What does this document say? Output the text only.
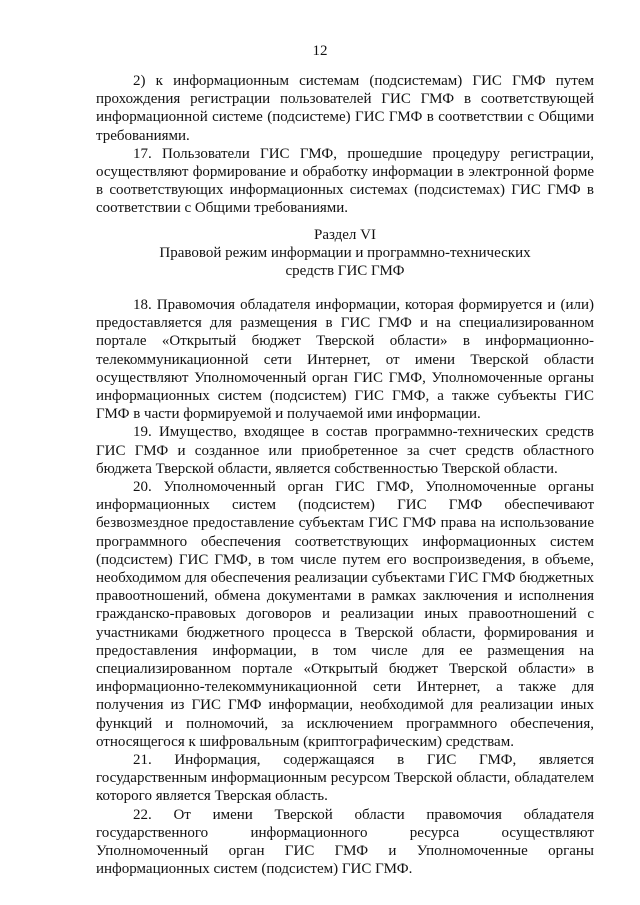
12

2) к информационным системам (подсистемам) ГИС ГМФ путем прохождения регистрации пользователей ГИС ГМФ в соответствующей информационной системе (подсистеме) ГИС ГМФ в соответствии с Общими требованиями.

17. Пользователи ГИС ГМФ, прошедшие процедуру регистрации, осуществляют формирование и обработку информации в электронной форме в соответствующих информационных системах (подсистемах) ГИС ГМФ в соответствии с Общими требованиями.

Раздел VI
Правовой режим информации и программно-технических
средств ГИС ГМФ

18. Правомочия обладателя информации, которая формируется и (или) предоставляется для размещения в ГИС ГМФ и на специализированном портале «Открытый бюджет Тверской области» в информационно-телекоммуникационной сети Интернет, от имени Тверской области осуществляют Уполномоченный орган ГИС ГМФ, Уполномоченные органы информационных систем (подсистем) ГИС ГМФ, а также субъекты ГИС ГМФ в части формируемой и получаемой ими информации.

19. Имущество, входящее в состав программно-технических средств ГИС ГМФ и созданное или приобретенное за счет средств областного бюджета Тверской области, является собственностью Тверской области.

20. Уполномоченный орган ГИС ГМФ, Уполномоченные органы информационных систем (подсистем) ГИС ГМФ обеспечивают безвозмездное предоставление субъектам ГИС ГМФ права на использование программного обеспечения соответствующих информационных систем (подсистем) ГИС ГМФ, в том числе путем его воспроизведения, в объеме, необходимом для обеспечения реализации субъектами ГИС ГМФ бюджетных правоотношений, обмена документами в рамках заключения и исполнения гражданско-правовых договоров и реализации иных правоотношений с участниками бюджетного процесса в Тверской области, формирования и предоставления информации, в том числе для ее размещения на специализированном портале «Открытый бюджет Тверской области» в информационно-телекоммуникационной сети Интернет, а также для получения из ГИС ГМФ информации, необходимой для реализации иных функций и полномочий, за исключением программного обеспечения, относящегося к шифровальным (криптографическим) средствам.

21. Информация, содержащаяся в ГИС ГМФ, является государственным информационным ресурсом Тверской области, обладателем которого является Тверская область.

22. От имени Тверской области правомочия обладателя государственного информационного ресурса осуществляют Уполномоченный орган ГИС ГМФ и Уполномоченные органы информационных систем (подсистем) ГИС ГМФ.
